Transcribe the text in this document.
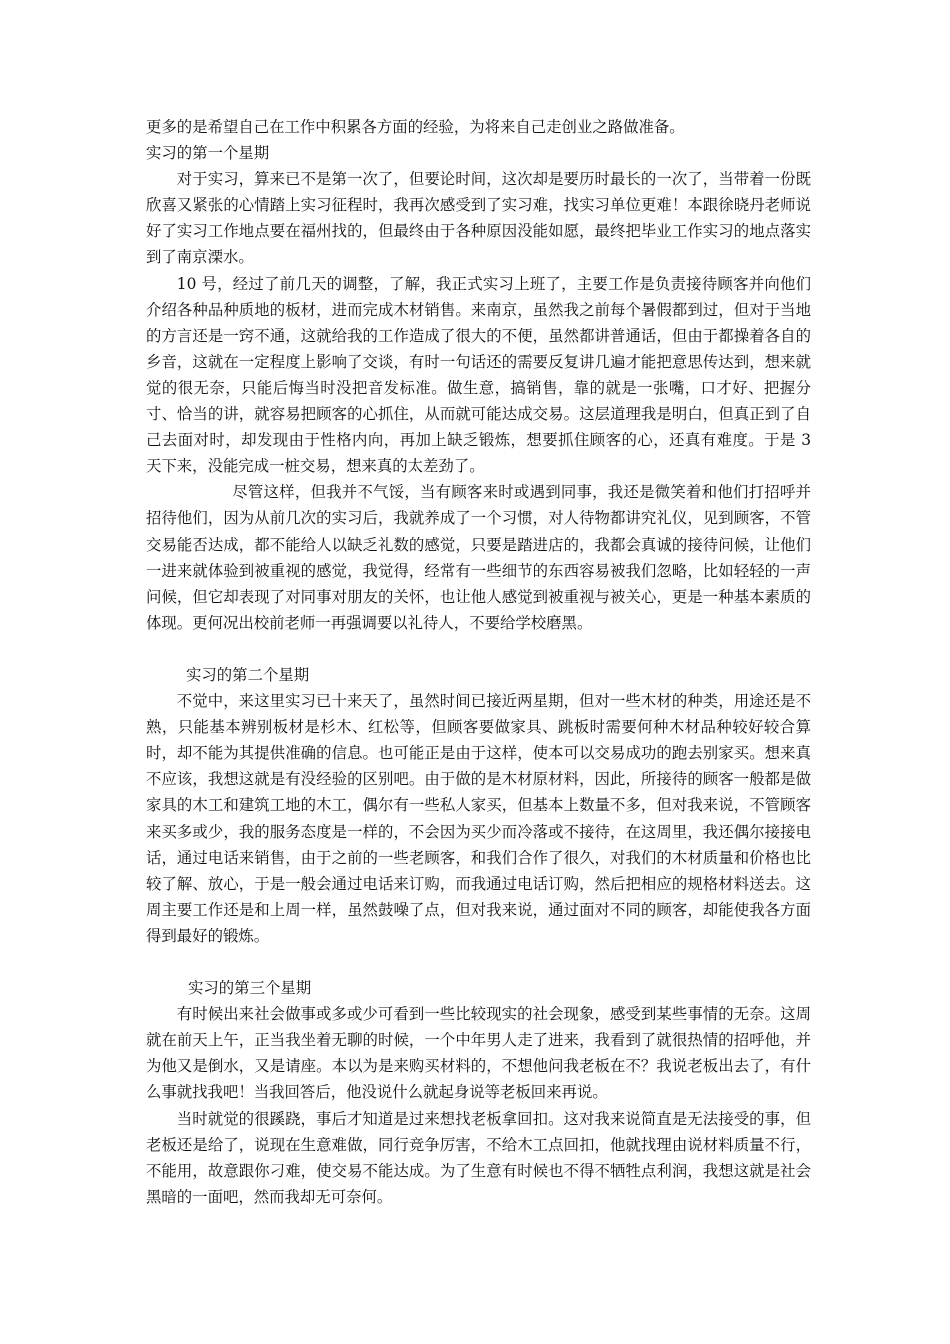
更多的是希望自己在工作中积累各方面的经验，为将来自己走创业之路做准备。

实习的第一个星期

对于实习，算来已不是第一次了，但要论时间，这次却是要历时最长的一次了，当带着一份既欣喜又紧张的心情踏上实习征程时，我再次感受到了实习难，找实习单位更难！本跟徐晓丹老师说好了实习工作地点要在福州找的，但最终由于各种原因没能如愿，最终把毕业工作实习的地点落实到了南京溧水。

10 号，经过了前几天的调整，了解，我正式实习上班了，主要工作是负责接待顾客并向他们介绍各种品种质地的板材，进而完成木材销售。来南京，虽然我之前每个暑假都到过，但对于当地的方言还是一窍不通，这就给我的工作造成了很大的不便，虽然都讲普通话，但由于都操着各自的乡音，这就在一定程度上影响了交谈，有时一句话还的需要反复讲几遍才能把意思传达到，想来就觉的很无奈，只能后悔当时没把音发标准。做生意，搞销售，靠的就是一张嘴，口才好、把握分寸、恰当的讲，就容易把顾客的心抓住，从而就可能达成交易。这层道理我是明白，但真正到了自己去面对时，却发现由于性格内向，再加上缺乏锻炼，想要抓住顾客的心，还真有难度。于是 3 天下来，没能完成一桩交易，想来真的太差劲了。

尽管这样，但我并不气馁，当有顾客来时或遇到同事，我还是微笑着和他们打招呼并招待他们，因为从前几次的实习后，我就养成了一个习惯，对人待物都讲究礼仪，见到顾客，不管交易能否达成，都不能给人以缺乏礼数的感觉，只要是踏进店的，我都会真诚的接待问候，让他们一进来就体验到被重视的感觉，我觉得，经常有一些细节的东西容易被我们忽略，比如轻轻的一声问候，但它却表现了对同事对朋友的关怀，也让他人感觉到被重视与被关心，更是一种基本素质的体现。更何况出校前老师一再强调要以礼待人，不要给学校磨黑。

实习的第二个星期

不觉中，来这里实习已十来天了，虽然时间已接近两星期，但对一些木材的种类，用途还是不熟，只能基本辨别板材是杉木、红松等，但顾客要做家具、跳板时需要何种木材品种较好较合算时，却不能为其提供准确的信息。也可能正是由于这样，使本可以交易成功的跑去别家买。想来真不应该，我想这就是有没经验的区别吧。由于做的是木材原材料，因此，所接待的顾客一般都是做家具的木工和建筑工地的木工，偶尔有一些私人家买，但基本上数量不多，但对我来说，不管顾客来买多或少，我的服务态度是一样的，不会因为买少而冷落或不接待，在这周里，我还偶尔接接电话，通过电话来销售，由于之前的一些老顾客，和我们合作了很久，对我们的木材质量和价格也比较了解、放心，于是一般会通过电话来订购，而我通过电话订购，然后把相应的规格材料送去。这周主要工作还是和上周一样，虽然鼓噪了点，但对我来说，通过面对不同的顾客，却能使我各方面得到最好的锻炼。

实习的第三个星期

有时候出来社会做事或多或少可看到一些比较现实的社会现象，感受到某些事情的无奈。这周就在前天上午，正当我坐着无聊的时候，一个中年男人走了进来，我看到了就很热情的招呼他，并为他又是倒水，又是请座。本以为是来购买材料的，不想他问我老板在不？我说老板出去了，有什么事就找我吧！当我回答后，他没说什么就起身说等老板回来再说。

当时就觉的很蹊跷，事后才知道是过来想找老板拿回扣。这对我来说简直是无法接受的事，但老板还是给了，说现在生意难做，同行竞争厉害，不给木工点回扣，他就找理由说材料质量不行，不能用，故意跟你刁难，使交易不能达成。为了生意有时候也不得不牺牲点利润，我想这就是社会黑暗的一面吧，然而我却无可奈何。
